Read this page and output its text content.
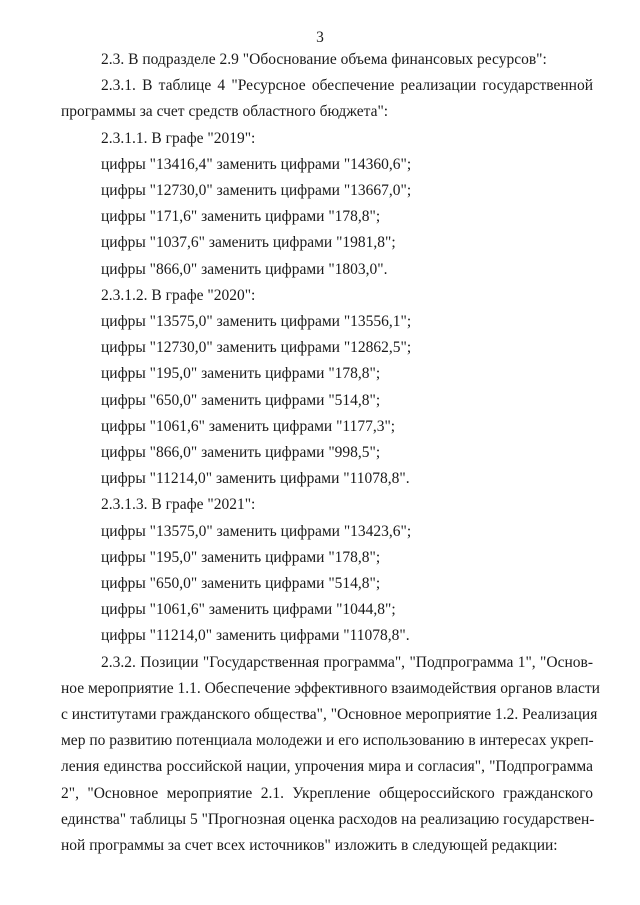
3

2.3. В подразделе 2.9 "Обоснование объема финансовых ресурсов":

2.3.1. В таблице 4 "Ресурсное обеспечение реализации государственной
программы за счет средств областного бюджета":

2.3.1.1. В графе "2019":

цифры "13416,4" заменить цифрами "14360,6";

цифры "12730,0" заменить цифрами "13667,0";

цифры "171,6" заменить цифрами "178,8";

цифры "1037,6" заменить цифрами "1981,8";

цифры "866,0" заменить цифрами "1803,0".

2.3.1.2. В графе "2020":

цифры "13575,0" заменить цифрами "13556,1";

цифры "12730,0" заменить цифрами "12862,5";

цифры "195,0" заменить цифрами "178,8";

цифры "650,0" заменить цифрами "514,8";

цифры "1061,6" заменить цифрами "1177,3";

цифры "866,0" заменить цифрами "998,5";

цифры "11214,0" заменить цифрами "11078,8".

2.3.1.3. В графе "2021":

цифры "13575,0" заменить цифрами "13423,6";

цифры "195,0" заменить цифрами "178,8";

цифры "650,0" заменить цифрами "514,8";

цифры "1061,6" заменить цифрами "1044,8";

цифры "11214,0" заменить цифрами "11078,8".

2.3.2. Позиции "Государственная программа", "Подпрограмма 1", "Основ-
ное мероприятие 1.1. Обеспечение эффективного взаимодействия органов власти
с институтами гражданского общества", "Основное мероприятие 1.2. Реализация
мер по развитию потенциала молодежи и его использованию в интересах укреп-
ления единства российской нации, упрочения мира и согласия", "Подпрограмма
2", "Основное мероприятие 2.1. Укрепление общероссийского гражданского
единства" таблицы 5 "Прогнозная оценка расходов на реализацию государствен-
ной программы за счет всех источников" изложить в следующей редакции:
